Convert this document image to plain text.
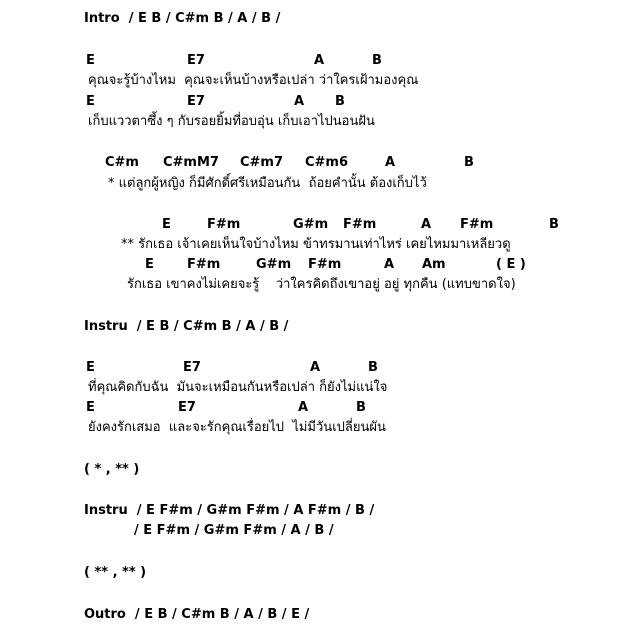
Intro  / E B / C#m B / A / B /
E	E7	A	B
คุณจะรู้บ้างไหม  คุณจะเห็นบ้างหรือเปล่า ว่าใครเฝ้ามองคุณ
E	E7	A B
เก็บแววตาซึ้ง ๆ กับรอยยิ้มที่อบอุ่น เก็บเอาไปนอนฝัน
C#m C#mM7 C#m7 C#m6	A	B
* แต่ลูกผู้หญิง ก็มีศักดิ์ศรีเหมือนกัน  ถ้อยคำนั้น ต้องเก็บไว้
E	F#m	G#m F#m	A F#m	B
** รักเธอ เจ้าเคยเห็นใจบ้างไหม ข้าทรมานเท่าไหร่ เคยไหมมาเหลียวดู
E	F#m	G#m F#m	A Am	( E )
รักเธอ เขาคงไม่เคยจะรู้    ว่าใครคิดถึงเขาอยู่ อยู่ ทุกคืน (แทบขาดใจ)
Instru  / E B / C#m B / A / B /
E	E7	A	B
ที่คุณคิดกับฉัน  มันจะเหมือนกันหรือเปล่า ก็ยังไม่แน่ใจ
E	E7	A	B
ยังคงรักเสมอ  และจะรักคุณเรื่อยไป  ไม่มีวันเปลี่ยนผัน
( * , ** )
Instru  / E F#m / G#m F#m / A F#m / B /
/ E F#m / G#m F#m / A / B /
( ** , ** )
Outro  / E B / C#m B / A / B / E /
